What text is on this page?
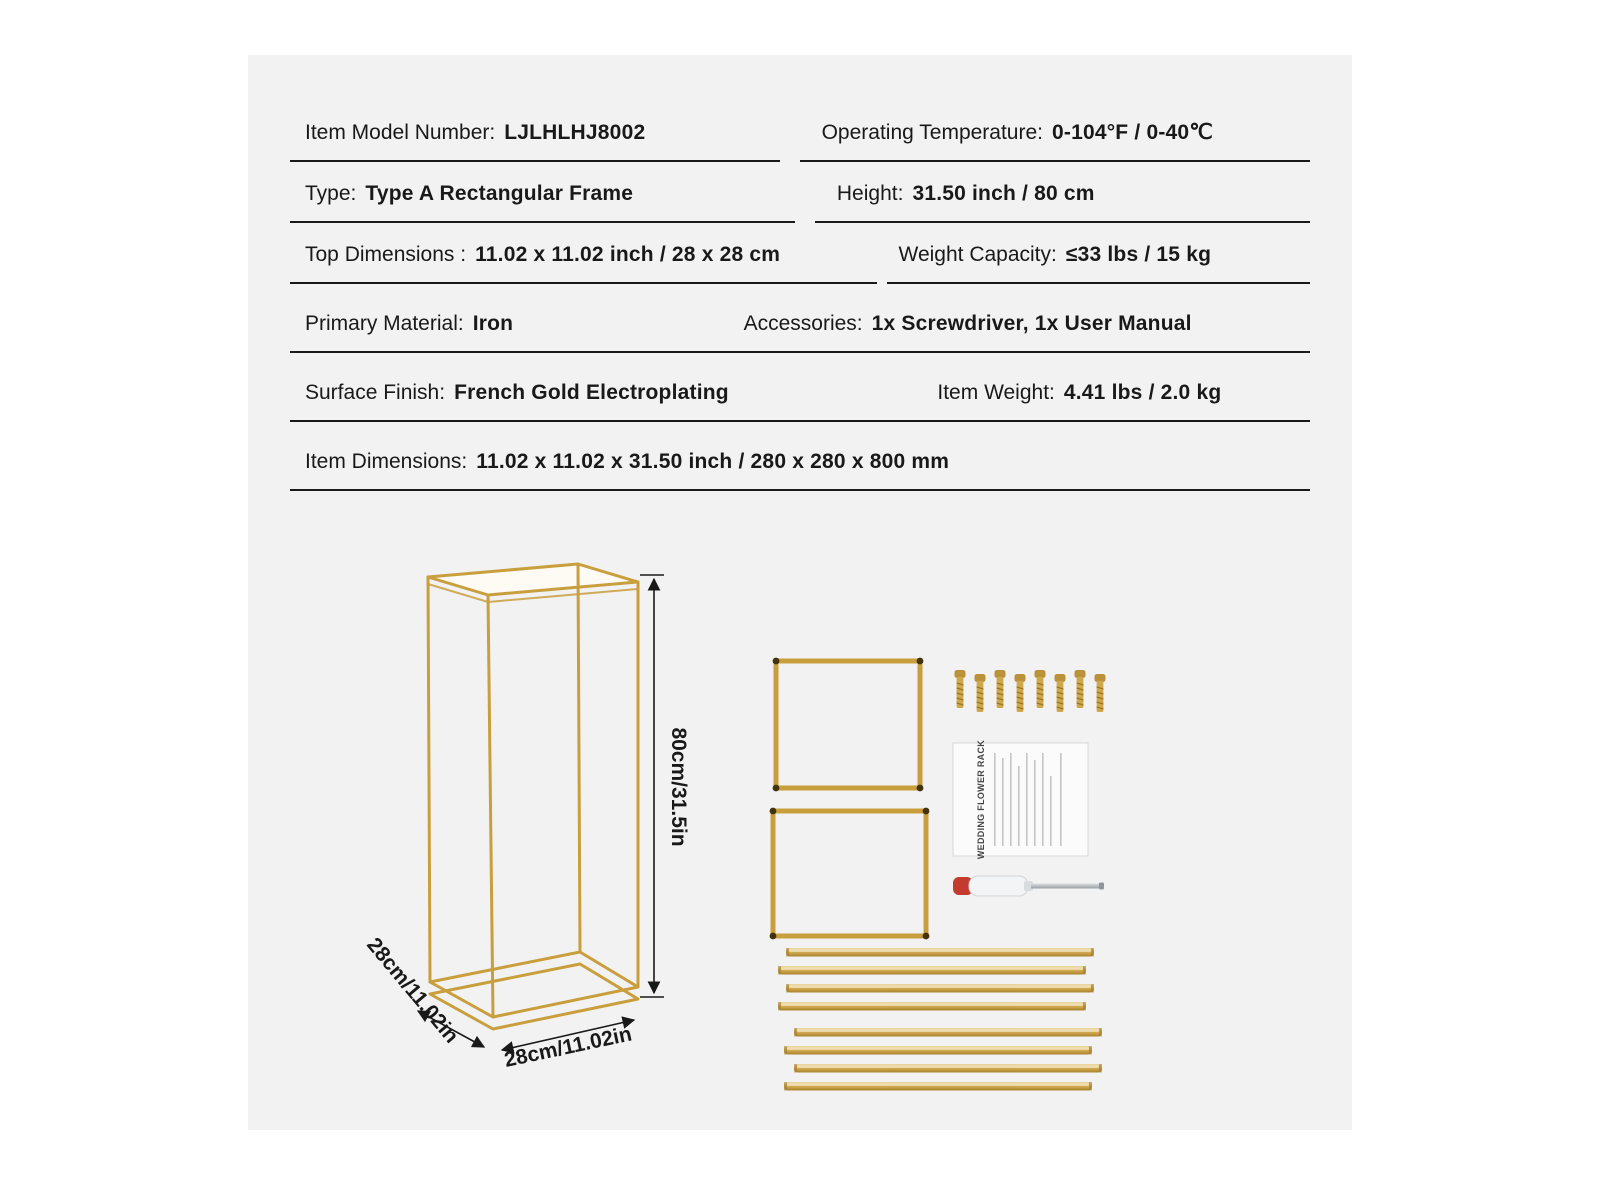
Item Model Number: LJLHLHJ8002	Operating Temperature: 0-104°F / 0-40℃
Type: Type A Rectangular Frame	Height: 31.50 inch / 80 cm
Top Dimensions : 11.02 x 11.02 inch / 28 x 28 cm	Weight Capacity: ≤33 lbs / 15 kg
Primary Material: Iron	Accessories: 1x Screwdriver, 1x User Manual
Surface Finish: French Gold Electroplating	Item Weight: 4.41 lbs / 2.0 kg
Item Dimensions: 11.02 x 11.02 x 31.50 inch / 280 x 280 x 800 mm
80cm/31.5in
28cm/11.02in 28cm/11.02in
WEDDING FLOWER RACK
